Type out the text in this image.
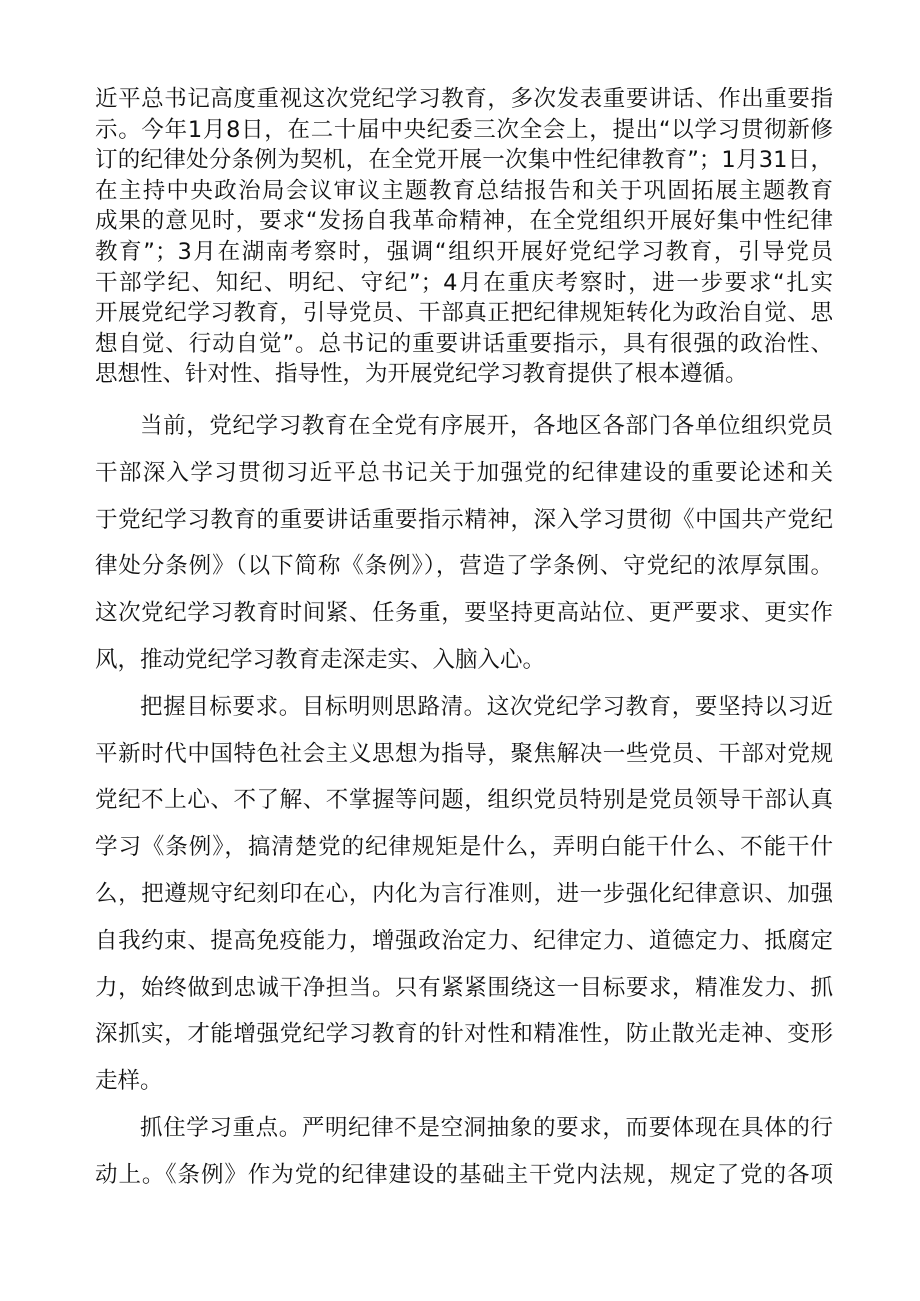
近平总书记高度重视这次党纪学习教育，多次发表重要讲话、作出重要指
示。今年1月8日，在二十届中央纪委三次全会上，提出“以学习贯彻新修
订的纪律处分条例为契机，在全党开展一次集中性纪律教育”；1月31日，
在主持中央政治局会议审议主题教育总结报告和关于巩固拓展主题教育
成果的意见时，要求“发扬自我革命精神，在全党组织开展好集中性纪律
教育”；3月在湖南考察时，强调“组织开展好党纪学习教育，引导党员
干部学纪、知纪、明纪、守纪”；4月在重庆考察时，进一步要求“扎实
开展党纪学习教育，引导党员、干部真正把纪律规矩转化为政治自觉、思
想自觉、行动自觉”。总书记的重要讲话重要指示，具有很强的政治性、
思想性、针对性、指导性，为开展党纪学习教育提供了根本遵循。
当前，党纪学习教育在全党有序展开，各地区各部门各单位组织党员
干部深入学习贯彻习近平总书记关于加强党的纪律建设的重要论述和关
于党纪学习教育的重要讲话重要指示精神，深入学习贯彻《中国共产党纪
律处分条例》（以下简称《条例》），营造了学条例、守党纪的浓厚氛围。
这次党纪学习教育时间紧、任务重，要坚持更高站位、更严要求、更实作
风，推动党纪学习教育走深走实、入脑入心。
把握目标要求。目标明则思路清。这次党纪学习教育，要坚持以习近
平新时代中国特色社会主义思想为指导，聚焦解决一些党员、干部对党规
党纪不上心、不了解、不掌握等问题，组织党员特别是党员领导干部认真
学习《条例》，搞清楚党的纪律规矩是什么，弄明白能干什么、不能干什
么，把遵规守纪刻印在心，内化为言行准则，进一步强化纪律意识、加强
自我约束、提高免疫能力，增强政治定力、纪律定力、道德定力、抵腐定
力，始终做到忠诚干净担当。只有紧紧围绕这一目标要求，精准发力、抓
深抓实，才能增强党纪学习教育的针对性和精准性，防止散光走神、变形
走样。
抓住学习重点。严明纪律不是空洞抽象的要求，而要体现在具体的行
动上。《条例》作为党的纪律建设的基础主干党内法规，规定了党的各项
